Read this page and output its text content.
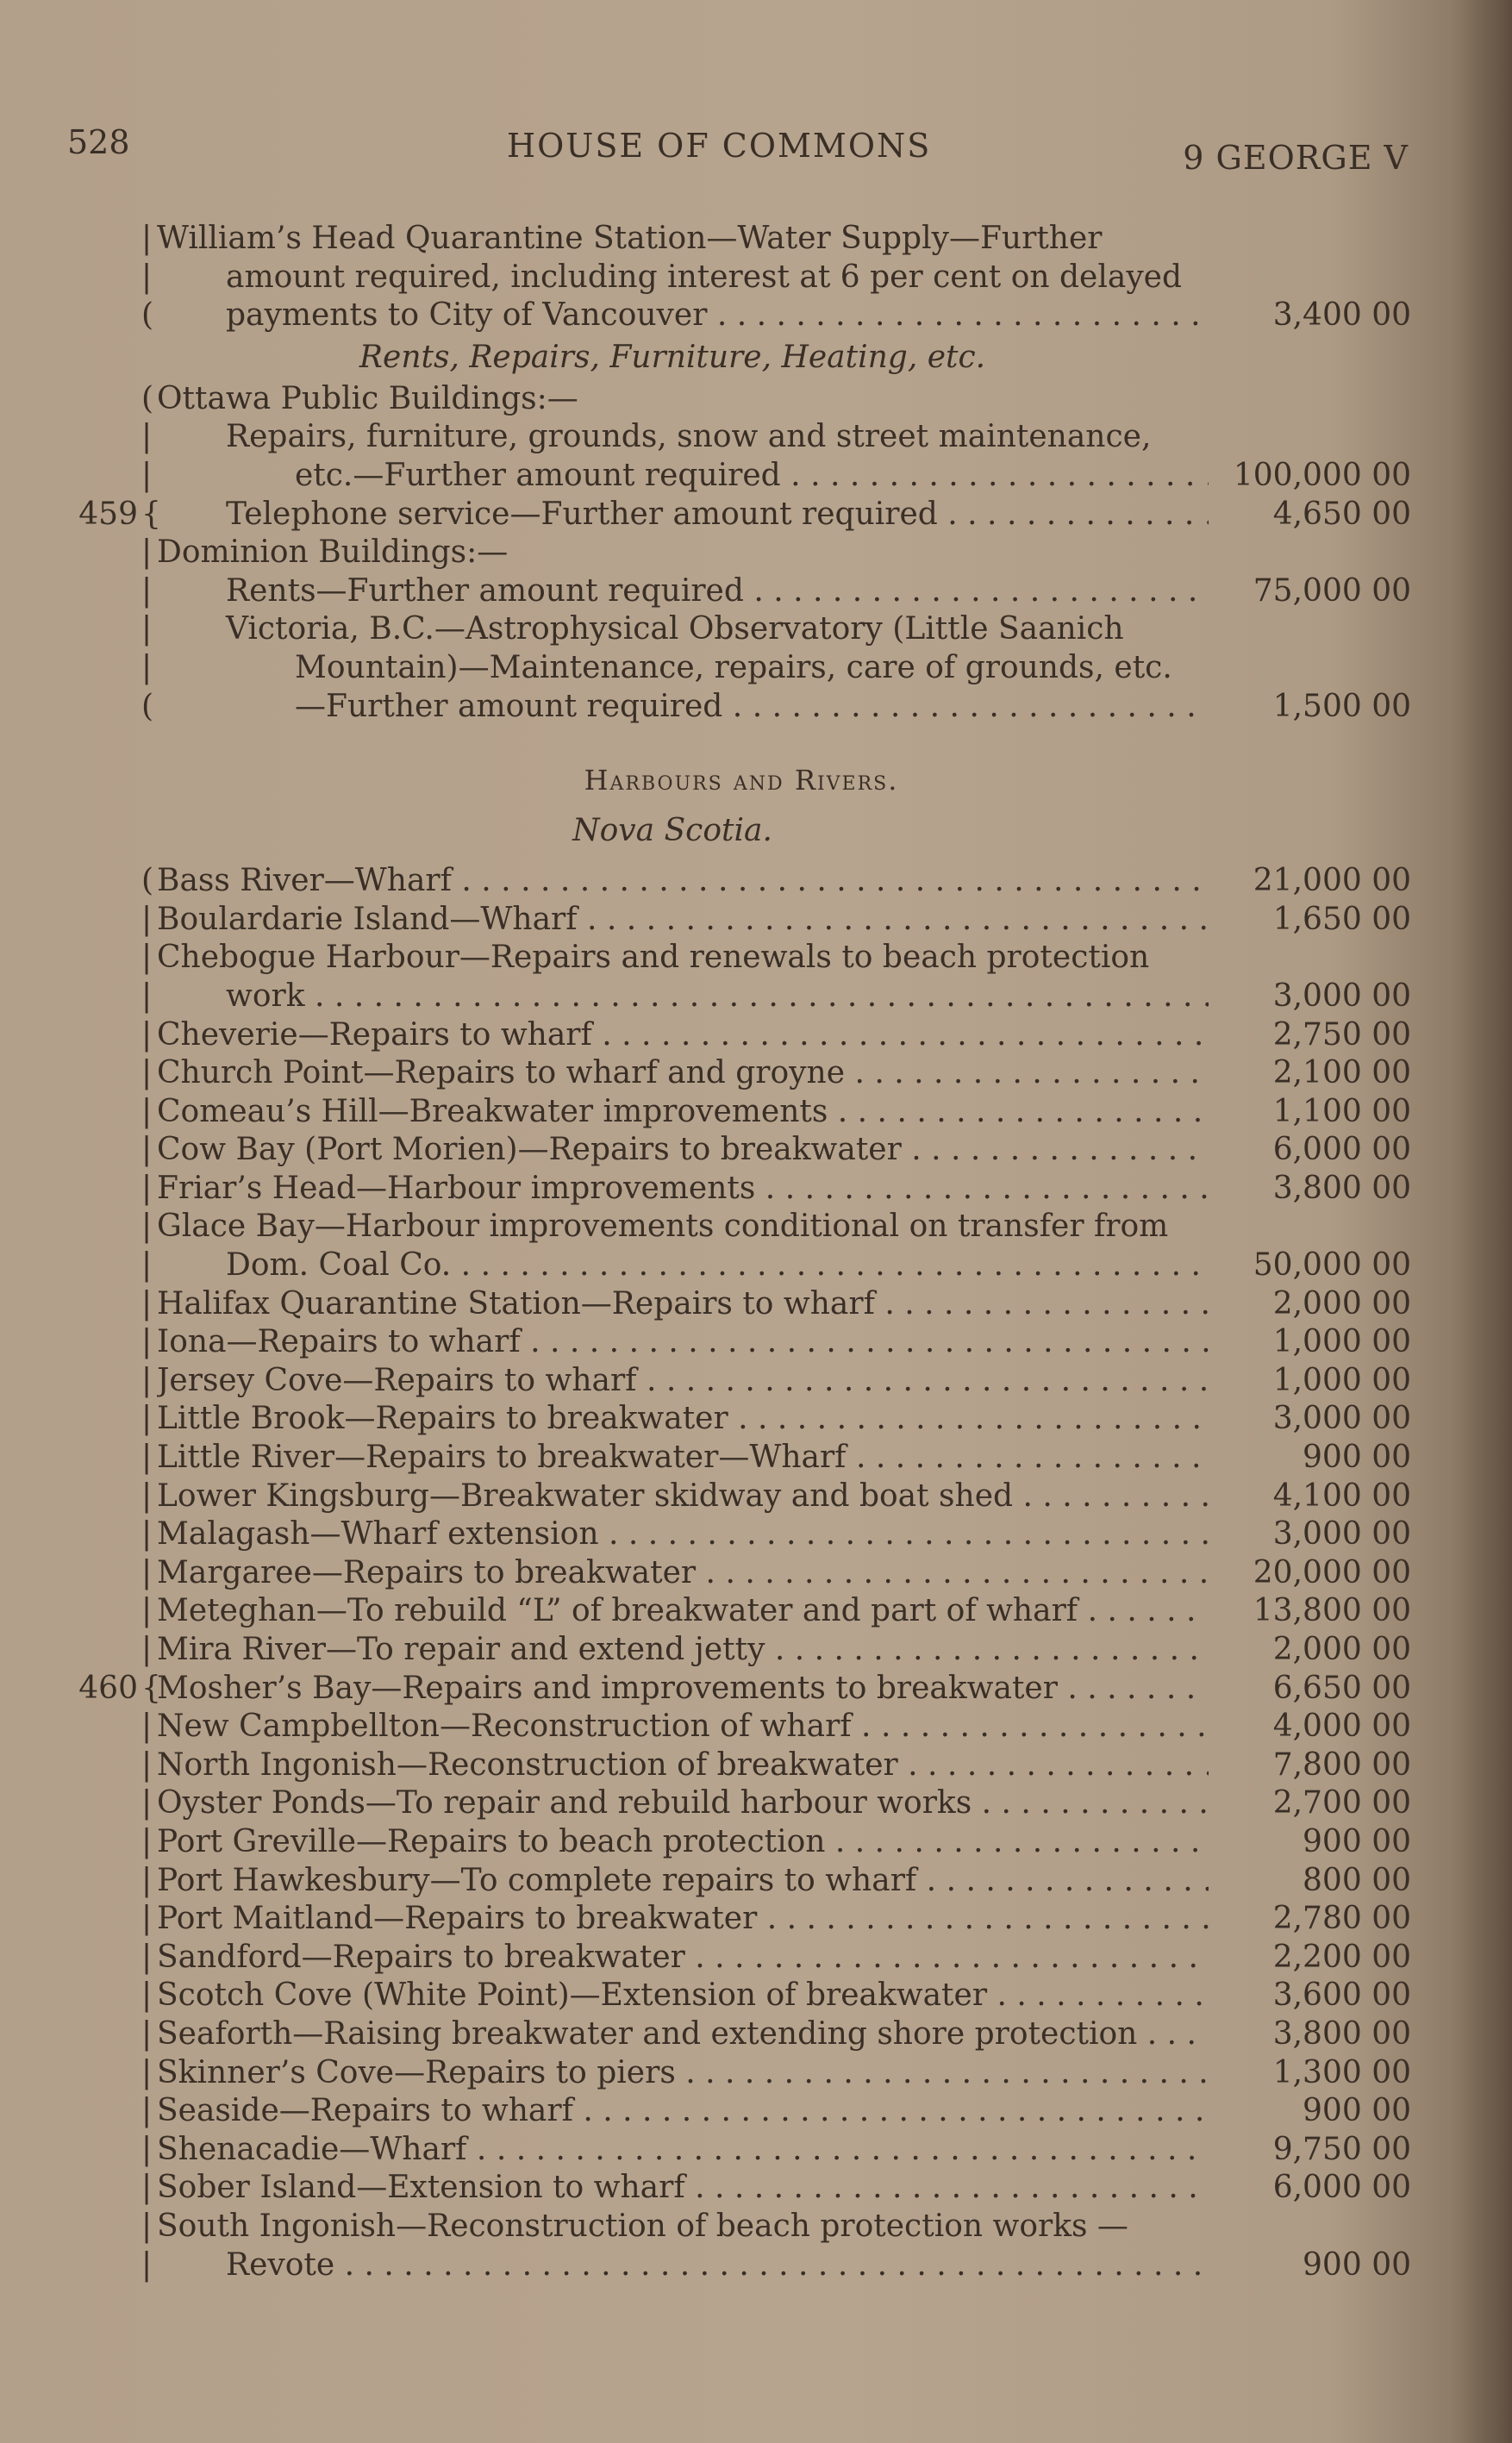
528	HOUSE OF COMMONS	9 GEORGE V
| William’s Head Quarantine Station—Water Supply—Further
|	amount required, including interest at 6 per cent on delayed
(	payments to City of Vancouver . . .	3,400 00
Rents, Repairs, Furniture, Heating, etc.
( Ottawa Public Buildings:—
|	Repairs, furniture, grounds, snow and street maintenance,
|	etc.—Further amount required . . .	100,000 00
459 {	Telephone service—Further amount required . . .	4,650 00
| Dominion Buildings:—
|	Rents—Further amount required . . .	75,000 00
|	Victoria, B.C.—Astrophysical Observatory (Little Saanich
|	Mountain)—Maintenance, repairs, care of grounds, etc.
(	—Further amount required . . .	1,500 00
Harbours and Rivers.
Nova Scotia.
( Bass River—Wharf . . .	21,000 00
| Boulardarie Island—Wharf . . .	1,650 00
| Chebogue Harbour—Repairs and renewals to beach protection
|	work . . .	3,000 00
| Cheverie—Repairs to wharf . . .	2,750 00
| Church Point—Repairs to wharf and groyne . . .	2,100 00
| Comeau’s Hill—Breakwater improvements . . .	1,100 00
| Cow Bay (Port Morien)—Repairs to breakwater . . .	6,000 00
| Friar’s Head—Harbour improvements . . .	3,800 00
| Glace Bay—Harbour improvements conditional on transfer from
|	Dom. Coal Co. . . .	50,000 00
| Halifax Quarantine Station—Repairs to wharf . . .	2,000 00
| Iona—Repairs to wharf . . .	1,000 00
| Jersey Cove—Repairs to wharf . . .	1,000 00
| Little Brook—Repairs to breakwater . . .	3,000 00
| Little River—Repairs to breakwater—Wharf . . .	900 00
| Lower Kingsburg—Breakwater skidway and boat shed . . .	4,100 00
| Malagash—Wharf extension . . .	3,000 00
| Margaree—Repairs to breakwater . . .	20,000 00
| Meteghan—To rebuild “L” of breakwater and part of wharf . . .	13,800 00
| Mira River—To repair and extend jetty . . .	2,000 00
460 {
Mosher’s Bay—Repairs and improvements to breakwater . . .	6,650 00
| New Campbellton—Reconstruction of wharf . . .	4,000 00
| North Ingonish—Reconstruction of breakwater . . .	7,800 00
| Oyster Ponds—To repair and rebuild harbour works . . .	2,700 00
| Port Greville—Repairs to beach protection . . .	900 00
| Port Hawkesbury—To complete repairs to wharf . . .	800 00
| Port Maitland—Repairs to breakwater . . .	2,780 00
| Sandford—Repairs to breakwater . . .	2,200 00
| Scotch Cove (White Point)—Extension of breakwater . . .	3,600 00
| Seaforth—Raising breakwater and extending shore protection . . .	3,800 00
| Skinner’s Cove—Repairs to piers . . .	1,300 00
| Seaside—Repairs to wharf . . .	900 00
| Shenacadie—Wharf . . .	9,750 00
| Sober Island—Extension to wharf . . .	6,000 00
| South Ingonish—Reconstruction of beach protection works —
|	Revote . . .	900 00
